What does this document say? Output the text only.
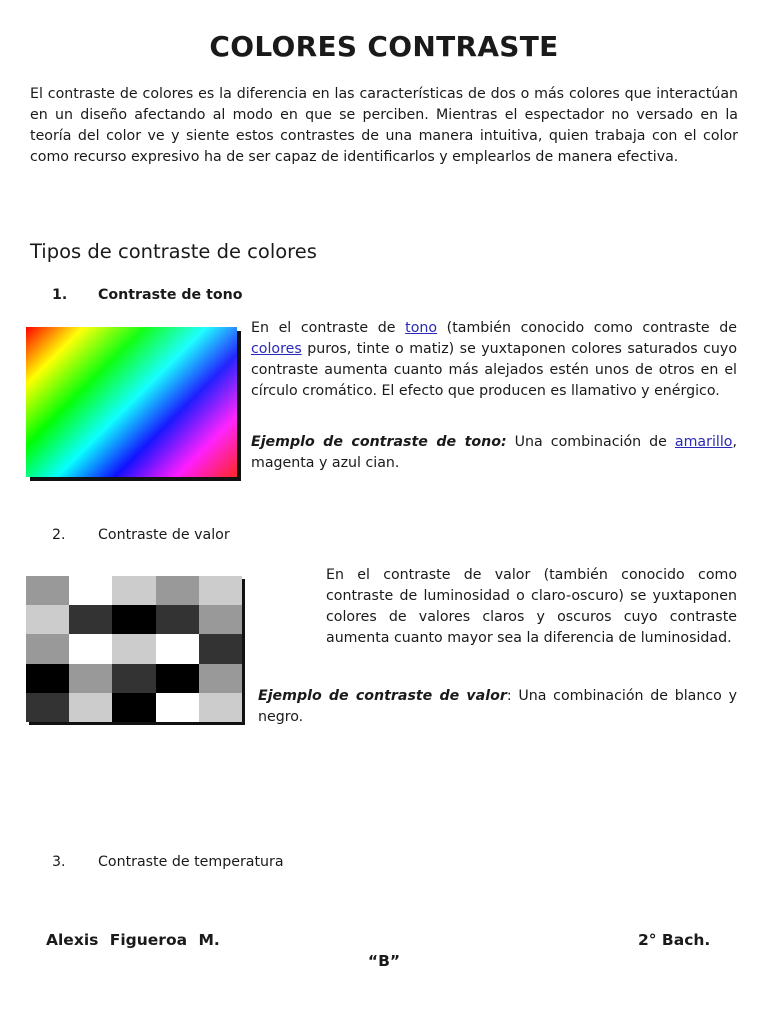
COLORES CONTRASTE
El contraste de colores es la diferencia en las características de dos o más colores que interactúan en un diseño afectando al modo en que se perciben. Mientras el espectador no versado en la teoría del color ve y siente estos contrastes de una manera intuitiva, quien trabaja con el color como recurso expresivo ha de ser capaz de identificarlos y emplearlos de manera efectiva.
Tipos de contraste de colores
1. Contraste de tono
En el contraste de tono (también conocido como contraste de colores puros, tinte o matiz) se yuxtaponen colores saturados cuyo contraste aumenta cuanto más alejados estén unos de otros en el círculo cromático. El efecto que producen es llamativo y enérgico.
Ejemplo de contraste de tono: Una combinación de amarillo, magenta y azul cian.
2. Contraste de valor
En el contraste de valor (también conocido como contraste de luminosidad o claro-oscuro) se yuxtaponen colores de valores claros y oscuros cuyo contraste aumenta cuanto mayor sea la diferencia de luminosidad.
Ejemplo de contraste de valor: Una combinación de blanco y negro.
3. Contraste de temperatura
Alexis Figueroa M.	2° Bach.
“B”
